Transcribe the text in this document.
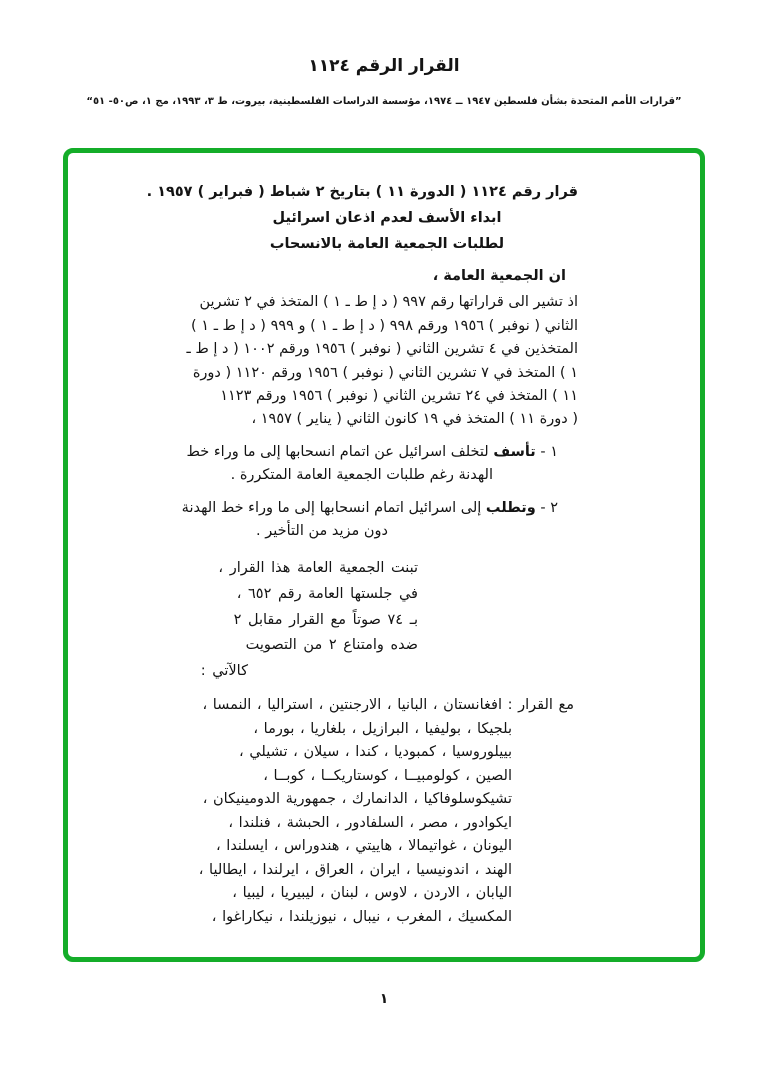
القرار الرقم ١١٢٤
”قرارات الأمم المتحدة بشأن فلسطين ١٩٤٧ ــ ١٩٧٤، مؤسسة الدراسات الفلسطينية، بيروت، ط ٣، ١٩٩٣، مج ١، ص٥٠- ٥١“
قرار رقم ١١٢٤ ( الدورة ١١ ) بتاريخ ٢ شباط ( فبراير ) ١٩٥٧ .
ابداء الأسف لعدم اذعان اسرائيل
لطلبات الجمعية العامة بالانسحاب
ان الجمعية العامة ،
اذ تشير الى قراراتها رقم ٩٩٧ ( د إ ط ـ ١ ) المتخذ في ٢ تشرين
الثاني ( نوفبر ) ١٩٥٦ ورقم ٩٩٨ ( د إ ط ـ ١ ) و ٩٩٩ ( د إ ط ـ ١ )
المتخذين في ٤ تشرين الثاني ( نوفبر ) ١٩٥٦ ورقم ١٠٠٢ ( د إ ط ـ
١ ) المتخذ في ٧ تشرين الثاني ( نوفبر ) ١٩٥٦ ورقم ١١٢٠ ( دورة
١١ ) المتخذ في ٢٤ تشرين الثاني ( نوفبر ) ١٩٥٦ ورقم ١١٢٣
( دورة ١١ ) المتخذ في ١٩ كانون الثاني ( يناير ) ١٩٥٧ ،
١ - تأسف لتخلف اسرائيل عن اتمام انسحابها إلى ما وراء خط
الهدنة رغم طلبات الجمعية العامة المتكررة .
٢ - وتطلب إلى اسرائيل اتمام انسحابها إلى ما وراء خط الهدنة
دون مزيد من التأخير .
تبنت الجمعية العامة هذا القرار ،
في جلستها العامة رقم ٦٥٢ ،
بـ ٧٤ صوتاً مع القرار مقابل ٢
ضده وامتناع ٢ من التصويت
كالآتي :
مع القرار : افغانستان ، البانيا ، الارجنتين ، استراليا ، النمسا ،
بلجيكا ، بوليفيا ، البرازيل ، بلغاريا ، بورما ،
بييلوروسيا ، كمبوديا ، كندا ، سيلان ، تشيلي ،
الصين ، كولومبيــا ، كوستاريكــا ، كوبــا ،
تشيكوسلوفاكيا ، الدانمارك ، جمهورية الدومينيكان ،
ايكوادور ، مصر ، السلفادور ، الحبشة ، فنلندا ،
اليونان ، غواتيمالا ، هاييتي ، هندوراس ، ايسلندا ،
الهند ، اندونيسيا ، ايران ، العراق ، ايرلندا ، ايطاليا ،
اليابان ، الاردن ، لاوس ، لبنان ، ليبيريا ، ليبيا ،
المكسيك ، المغرب ، نيبال ، نيوزيلندا ، نيكاراغوا ،
١
